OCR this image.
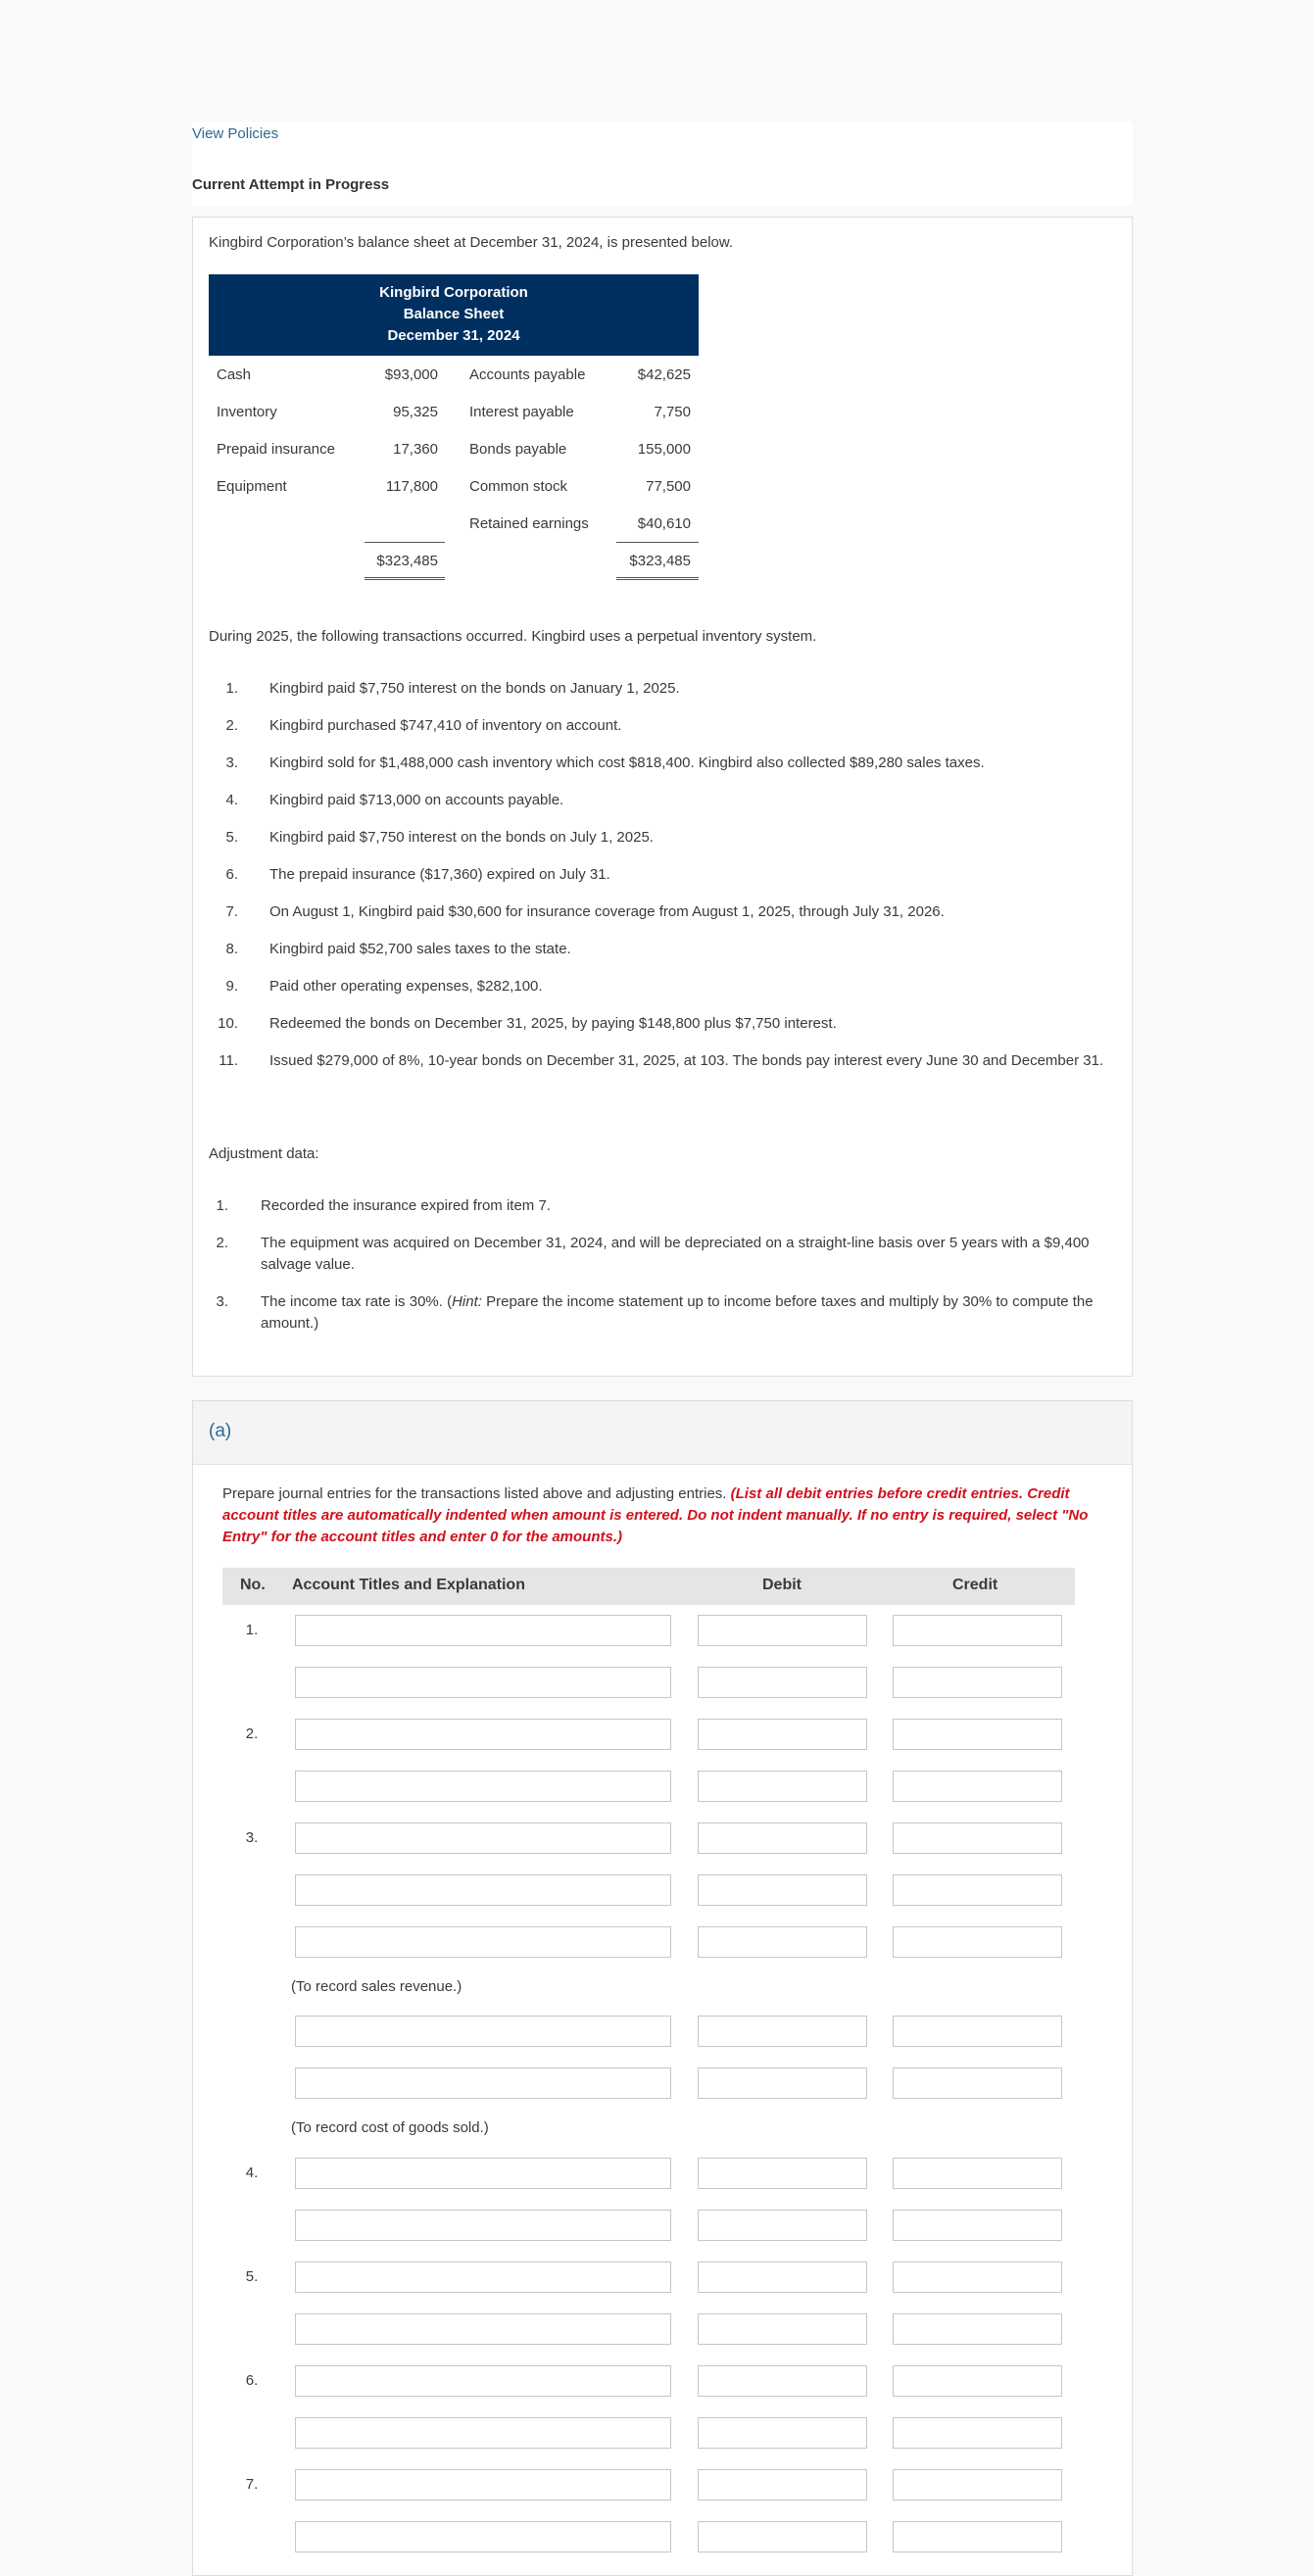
View Policies
Current Attempt in Progress
Kingbird Corporation’s balance sheet at December 31, 2024, is presented below.
Kingbird Corporation
Balance Sheet
December 31, 2024
Cash	$93,000 Accounts payable	$42,625
Inventory	95,325 Interest payable	7,750
Prepaid insurance	17,360 Bonds payable	155,000
Equipment	117,800 Common stock	77,500
Retained earnings	$40,610
$323,485	$323,485
During 2025, the following transactions occurred. Kingbird uses a perpetual inventory system.
1. Kingbird paid $7,750 interest on the bonds on January 1, 2025.
2. Kingbird purchased $747,410 of inventory on account.
3. Kingbird sold for $1,488,000 cash inventory which cost $818,400. Kingbird also collected $89,280 sales taxes.
4. Kingbird paid $713,000 on accounts payable.
5. Kingbird paid $7,750 interest on the bonds on July 1, 2025.
6. The prepaid insurance ($17,360) expired on July 31.
7. On August 1, Kingbird paid $30,600 for insurance coverage from August 1, 2025, through July 31, 2026.
8. Kingbird paid $52,700 sales taxes to the state.
9. Paid other operating expenses, $282,100.
10. Redeemed the bonds on December 31, 2025, by paying $148,800 plus $7,750 interest.
11. Issued $279,000 of 8%, 10-year bonds on December 31, 2025, at 103. The bonds pay interest every June 30 and December 31.
Adjustment data:
1. Recorded the insurance expired from item 7.
2. The equipment was acquired on December 31, 2024, and will be depreciated on a straight-line basis over 5 years with a $9,400 salvage value.
3. The income tax rate is 30%. (Hint: Prepare the income statement up to income before taxes and multiply by 30% to compute the amount.)
(a)
Prepare journal entries for the transactions listed above and adjusting entries. (List all debit entries before credit entries. Credit account titles are automatically indented when amount is entered. Do not indent manually. If no entry is required, select "No Entry" for the account titles and enter 0 for the amounts.)
No. Account Titles and Explanation	Debit	Credit
1.
2.
3.
(To record sales revenue.)
(To record cost of goods sold.)
4.
5.
6.
7.
